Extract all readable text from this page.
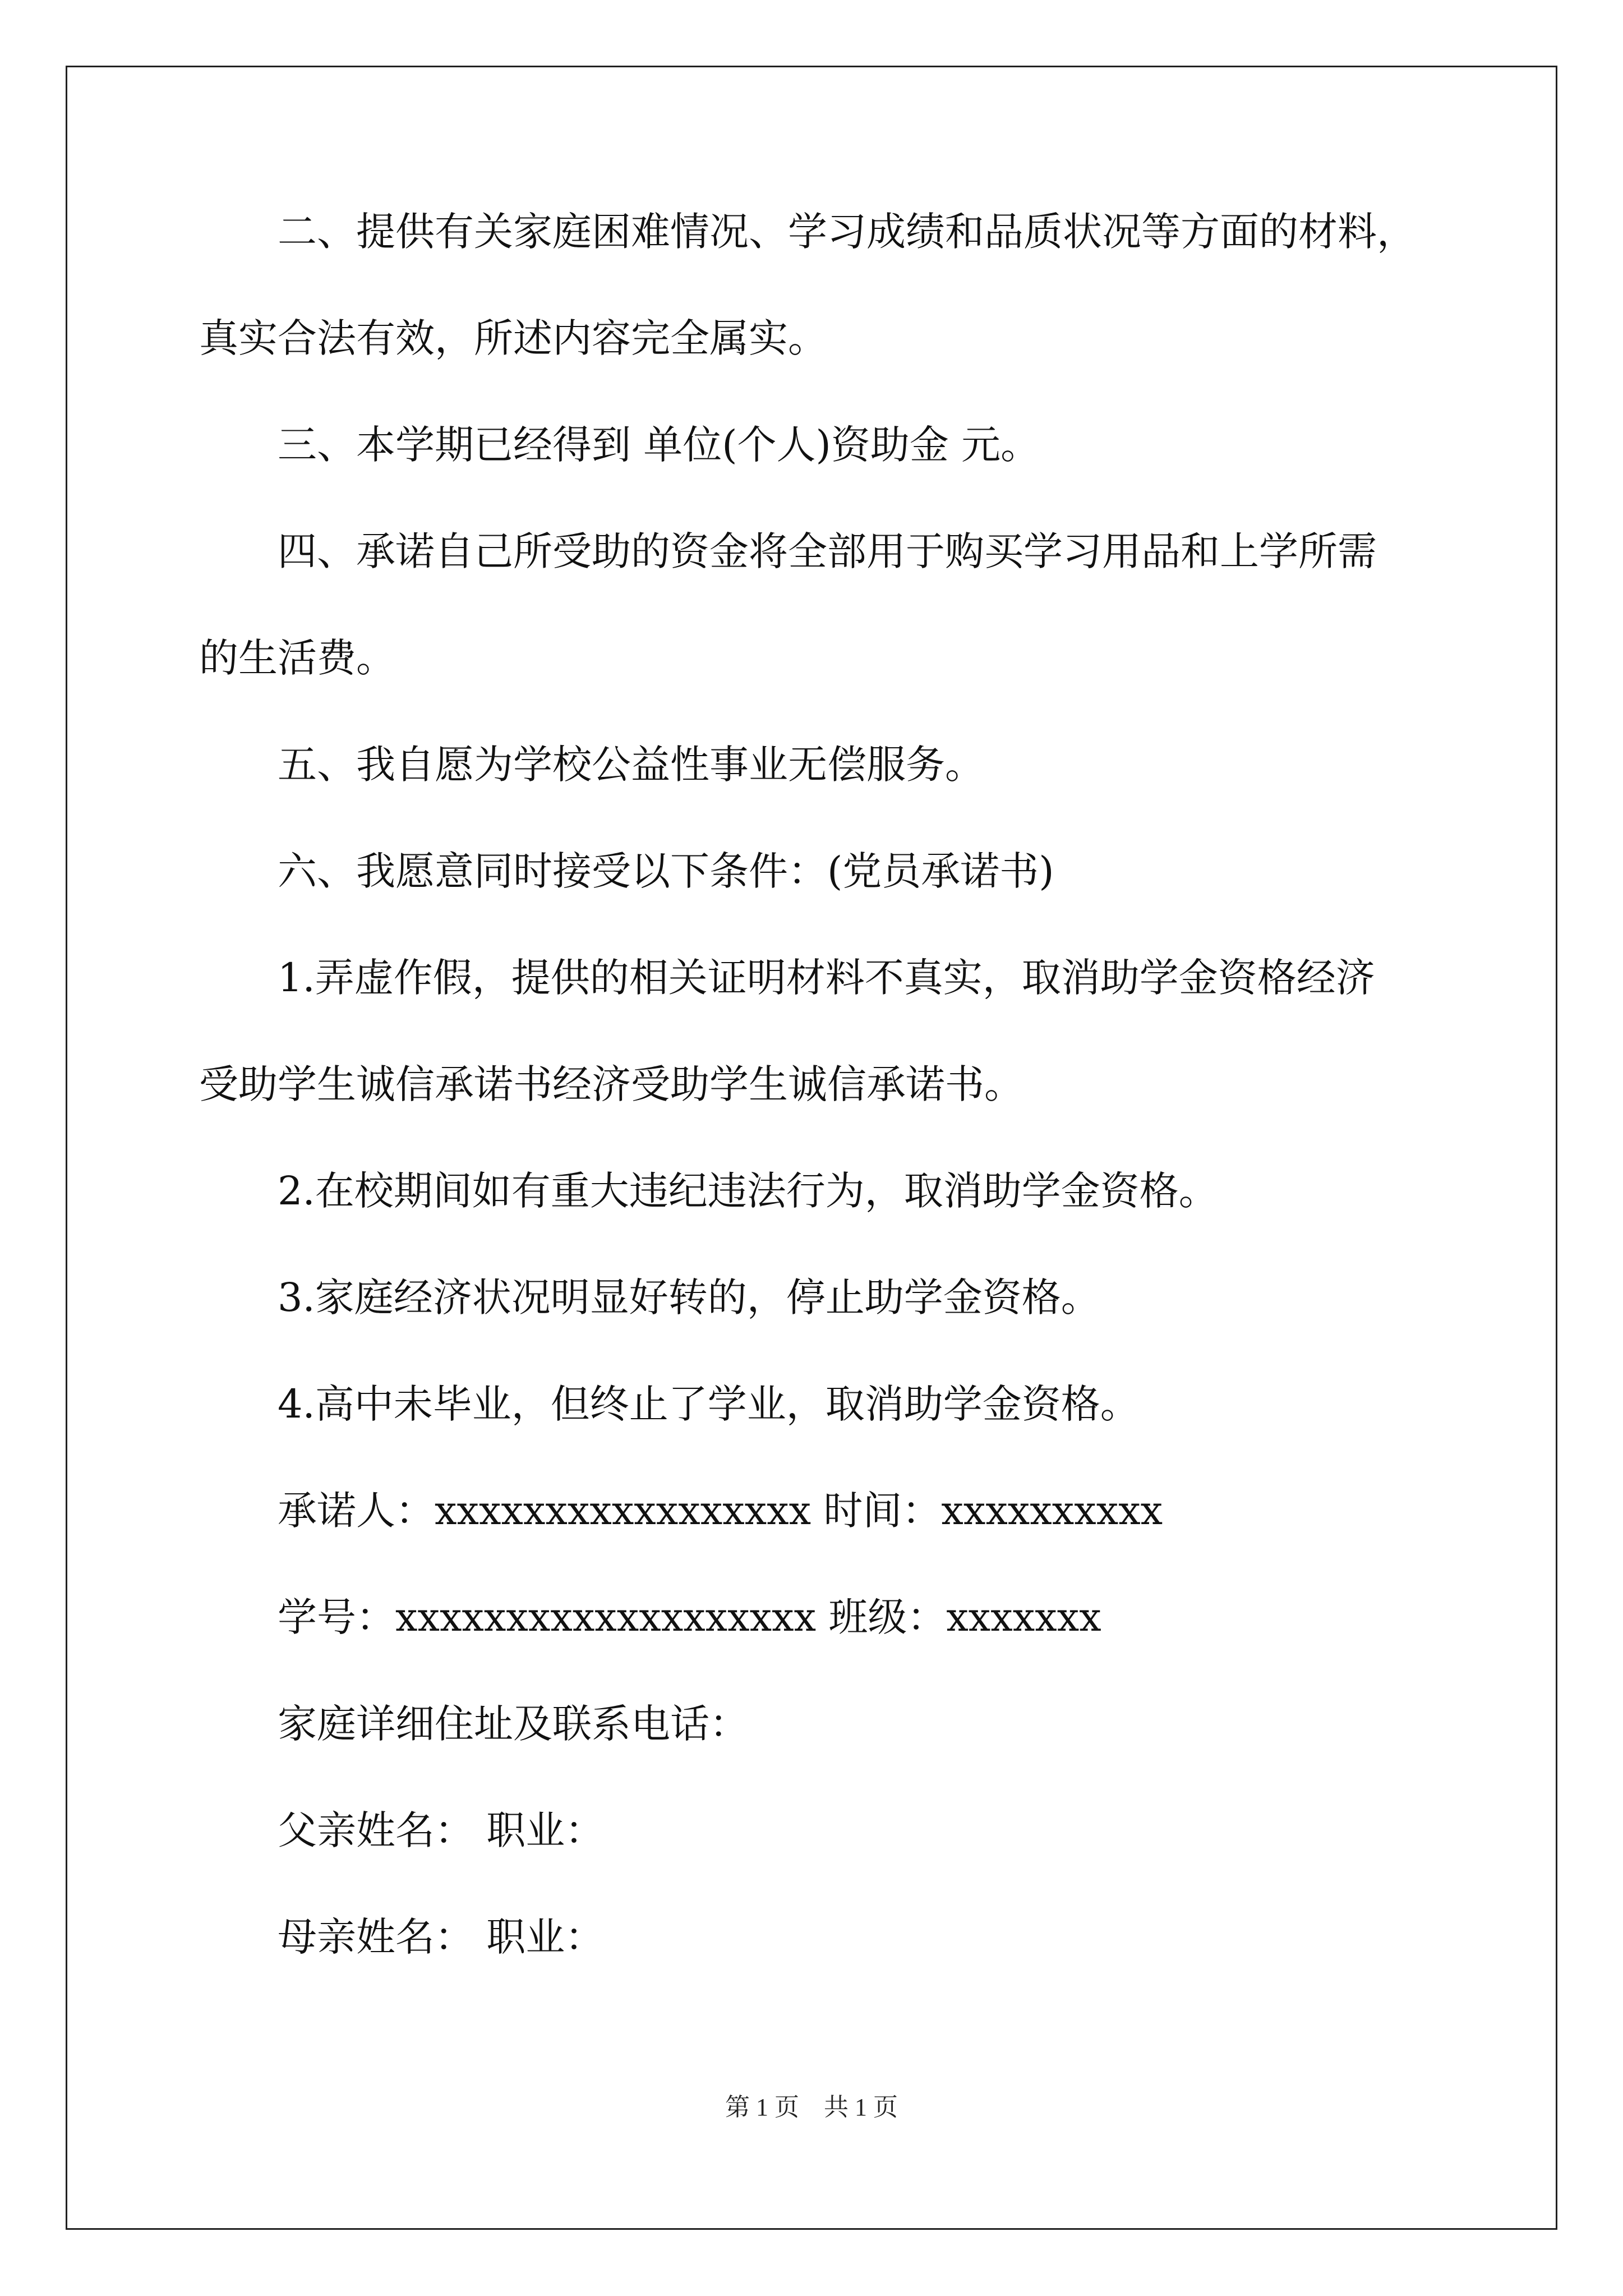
　　二、提供有关家庭困难情况、学习成绩和品质状况等方面的材料，
真实合法有效，所述内容完全属实。
　　三、本学期已经得到 单位(个人)资助金 元。
　　四、承诺自己所受助的资金将全部用于购买学习用品和上学所需
的生活费。
　　五、我自愿为学校公益性事业无偿服务。
　　六、我愿意同时接受以下条件：(党员承诺书)
　　1.弄虚作假，提供的相关证明材料不真实，取消助学金资格经济
受助学生诚信承诺书经济受助学生诚信承诺书。
　　2.在校期间如有重大违纪违法行为，取消助学金资格。
　　3.家庭经济状况明显好转的，停止助学金资格。
　　4.高中未毕业，但终止了学业，取消助学金资格。
　　承诺人：xxxxxxxxxxxxxxxxx 时间：xxxxxxxxxx
　　学号：xxxxxxxxxxxxxxxxxxx 班级：xxxxxxx
　　家庭详细住址及联系电话：
　　父亲姓名： 职业：
　　母亲姓名： 职业：
第 1 页　共 1 页
